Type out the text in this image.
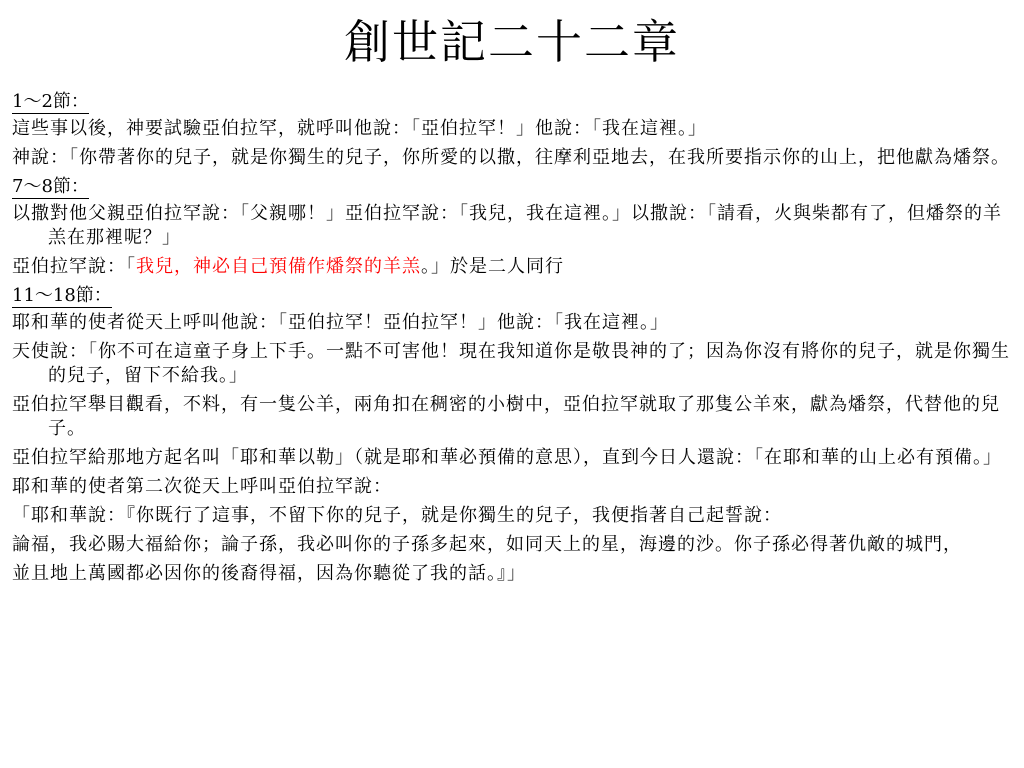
創世記二十二章
1～2節：
這些事以後，神要試驗亞伯拉罕，就呼叫他說：「亞伯拉罕！」他說：「我在這裡。」
神說：「你帶著你的兒子，就是你獨生的兒子，你所愛的以撒，往摩利亞地去，在我所要指示你的山上，把他獻為燔祭。
7～8節：
以撒對他父親亞伯拉罕說：「父親哪！」亞伯拉罕說：「我兒，我在這裡。」以撒說：「請看，火與柴都有了，但燔祭的羊羔在那裡呢？」
亞伯拉罕說：「我兒，神必自己預備作燔祭的羊羔。」於是二人同行
11～18節：
耶和華的使者從天上呼叫他說：「亞伯拉罕！亞伯拉罕！」他說：「我在這裡。」
天使說：「你不可在這童子身上下手。一點不可害他！現在我知道你是敬畏神的了；因為你沒有將你的兒子，就是你獨生的兒子，留下不給我。」
亞伯拉罕舉目觀看，不料，有一隻公羊，兩角扣在稠密的小樹中，亞伯拉罕就取了那隻公羊來，獻為燔祭，代替他的兒子。
亞伯拉罕給那地方起名叫「耶和華以勒」（就是耶和華必預備的意思），直到今日人還說：「在耶和華的山上必有預備。」
耶和華的使者第二次從天上呼叫亞伯拉罕說：
「耶和華說：『你既行了這事，不留下你的兒子，就是你獨生的兒子，我便指著自己起誓說：
論福，我必賜大福給你；論子孫，我必叫你的子孫多起來，如同天上的星，海邊的沙。你子孫必得著仇敵的城門，
並且地上萬國都必因你的後裔得福，因為你聽從了我的話。』」
